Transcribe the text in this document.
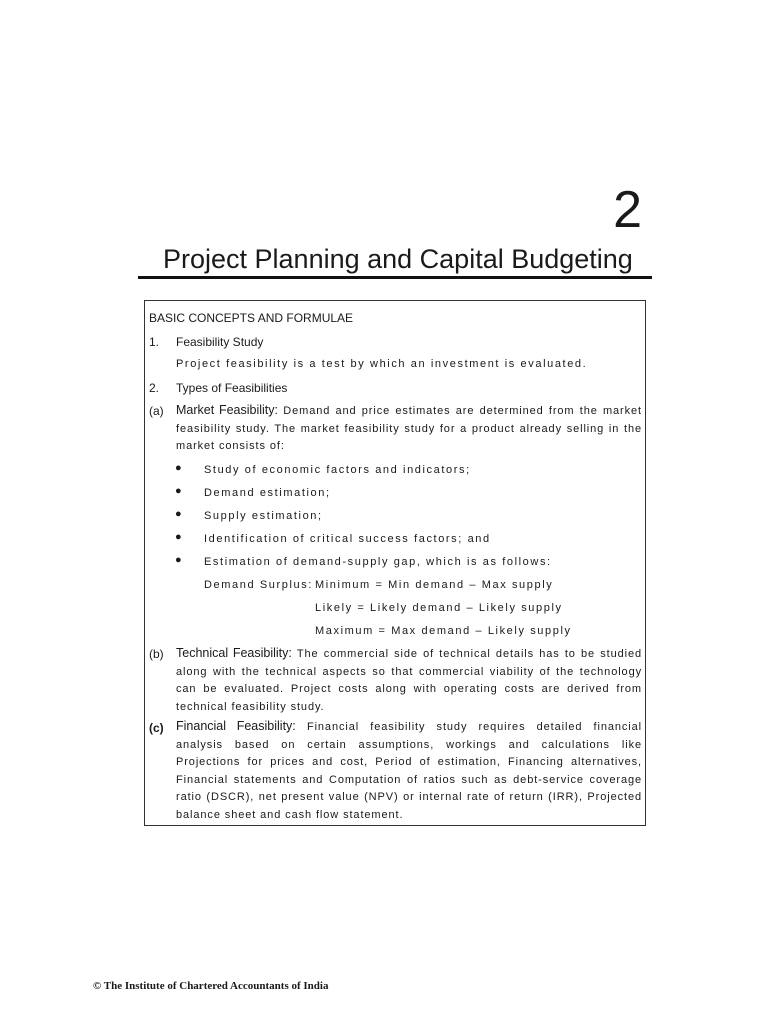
2
Project Planning and Capital Budgeting
BASIC CONCEPTS AND FORMULAE
1. Feasibility Study
Project feasibility is a test by which an investment is evaluated.
2. Types of Feasibilities
(a) Market Feasibility: Demand and price estimates are determined from the market feasibility study. The market feasibility study for a product already selling in the market consists of:
● Study of economic factors and indicators;
● Demand estimation;
● Supply estimation;
● Identification of critical success factors; and
● Estimation of demand-supply gap, which is as follows:
Demand Surplus: Minimum = Min demand – Max supply
Likely = Likely demand – Likely supply
Maximum = Max demand – Likely supply
(b) Technical Feasibility: The commercial side of technical details has to be studied along with the technical aspects so that commercial viability of the technology can be evaluated. Project costs along with operating costs are derived from technical feasibility study.
(c) Financial Feasibility: Financial feasibility study requires detailed financial analysis based on certain assumptions, workings and calculations like Projections for prices and cost, Period of estimation, Financing alternatives, Financial statements and Computation of ratios such as debt-service coverage ratio (DSCR), net present value (NPV) or internal rate of return (IRR), Projected balance sheet and cash flow statement.
© The Institute of Chartered Accountants of India
